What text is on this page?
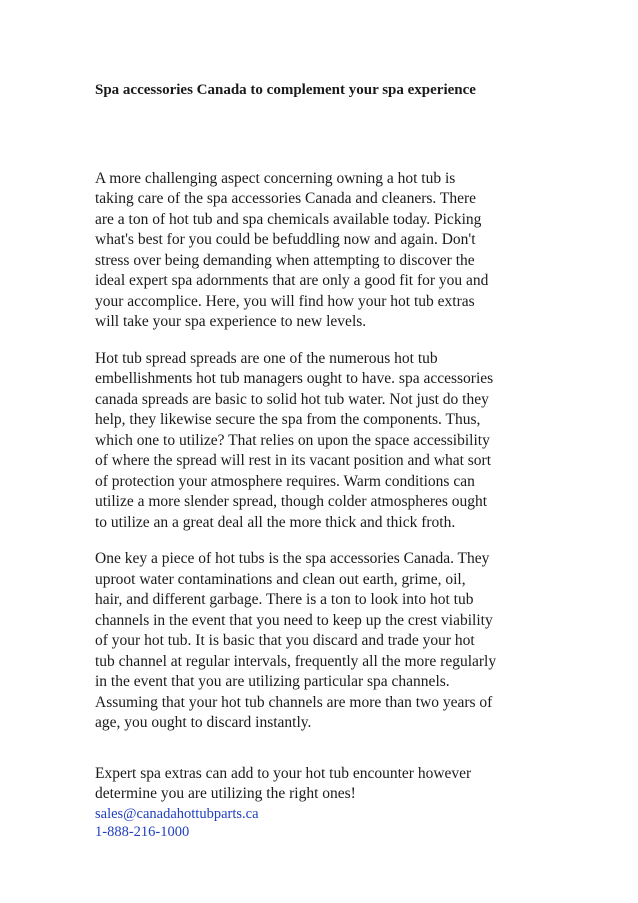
Spa accessories Canada to complement your spa experience
A more challenging aspect concerning owning a hot tub is
taking care of the spa accessories Canada and cleaners. There
are a ton of hot tub and spa chemicals available today. Picking
what's best for you could be befuddling now and again. Don't
stress over being demanding when attempting to discover the
ideal expert spa adornments that are only a good fit for you and
your accomplice. Here, you will find how your hot tub extras
will take your spa experience to new levels.
Hot tub spread spreads are one of the numerous hot tub
embellishments hot tub managers ought to have. spa accessories
canada spreads are basic to solid hot tub water. Not just do they
help, they likewise secure the spa from the components. Thus,
which one to utilize? That relies on upon the space accessibility
of where the spread will rest in its vacant position and what sort
of protection your atmosphere requires. Warm conditions can
utilize a more slender spread, though colder atmospheres ought
to utilize an a great deal all the more thick and thick froth.
One key a piece of hot tubs is the spa accessories Canada. They
uproot water contaminations and clean out earth, grime, oil,
hair, and different garbage. There is a ton to look into hot tub
channels in the event that you need to keep up the crest viability
of your hot tub. It is basic that you discard and trade your hot
tub channel at regular intervals, frequently all the more regularly
in the event that you are utilizing particular spa channels.
Assuming that your hot tub channels are more than two years of
age, you ought to discard instantly.
Expert spa extras can add to your hot tub encounter however
determine you are utilizing the right ones!
sales@canadahottubparts.ca
1-888-216-1000
